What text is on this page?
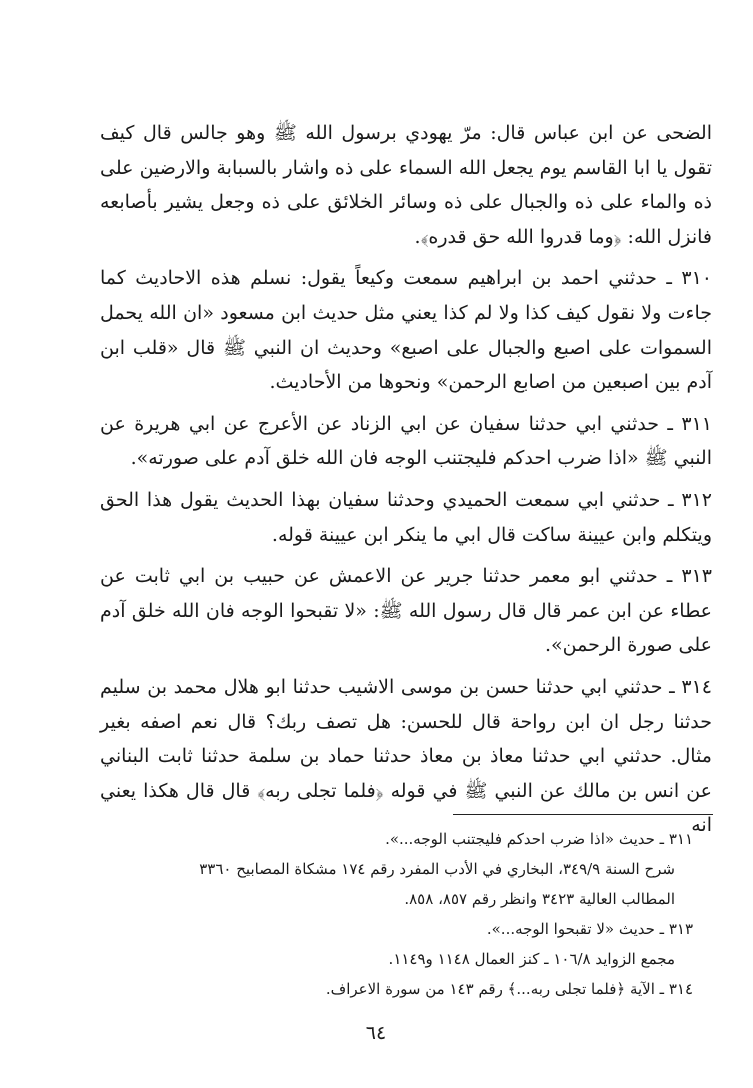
الضحى عن ابن عباس قال: مرّ يهودي برسول الله ﷺ وهو جالس قال كيف تقول يا ابا القاسم يوم يجعل الله السماء على ذه واشار بالسبابة والارضين على ذه والماء على ذه والجبال على ذه وسائر الخلائق على ذه وجعل يشير بأصابعه فانزل الله: ﴿وما قدروا الله حق قدره﴾.

٣١٠ ـ حدثني احمد بن ابراهيم سمعت وكيعاً يقول: نسلم هذه الاحاديث كما جاءت ولا نقول كيف كذا ولا لم كذا يعني مثل حديث ابن مسعود «ان الله يحمل السموات على اصبع والجبال على اصبع» وحديث ان النبي ﷺ قال «قلب ابن آدم بين اصبعين من اصابع الرحمن» ونحوها من الأحاديث.

٣١١ ـ حدثني ابي حدثنا سفيان عن ابي الزناد عن الأعرج عن ابي هريرة عن النبي ﷺ «اذا ضرب احدكم فليجتنب الوجه فان الله خلق آدم على صورته».

٣١٢ ـ حدثني ابي سمعت الحميدي وحدثنا سفيان بهذا الحديث يقول هذا الحق ويتكلم وابن عيينة ساكت قال ابي ما ينكر ابن عيينة قوله.

٣١٣ ـ حدثني ابو معمر حدثنا جرير عن الاعمش عن حبيب بن ابي ثابت عن عطاء عن ابن عمر قال قال رسول الله ﷺ: «لا تقبحوا الوجه فان الله خلق آدم على صورة الرحمن».

٣١٤ ـ حدثني ابي حدثنا حسن بن موسى الاشيب حدثنا ابو هلال محمد بن سليم حدثنا رجل ان ابن رواحة قال للحسن: هل تصف ربك؟ قال نعم اصفه بغير مثال. حدثني ابي حدثنا معاذ بن معاذ حدثنا حماد بن سلمة حدثنا ثابت البناني عن انس بن مالك عن النبي ﷺ في قوله ﴿فلما تجلى ربه﴾ قال قال هكذا يعني انه

٣١١ ـ حديث «اذا ضرب احدكم فليجتنب الوجه...».

شرح السنة ٣٤٩/٩، البخاري في الأدب المفرد رقم ١٧٤ مشكاة المصابيح ٣٣٦٠

المطالب العالية ٣٤٢٣ وانظر رقم ٨٥٧، ٨٥٨.

٣١٣ ـ حديث «لا تقبحوا الوجه...».

مجمع الزوايد ١٠٦/٨ ـ كنز العمال ١١٤٨ و١١٤٩.

٣١٤ ـ الآية ﴿فلما تجلى ربه...﴾ رقم ١٤٣ من سورة الاعراف.

٦٤
